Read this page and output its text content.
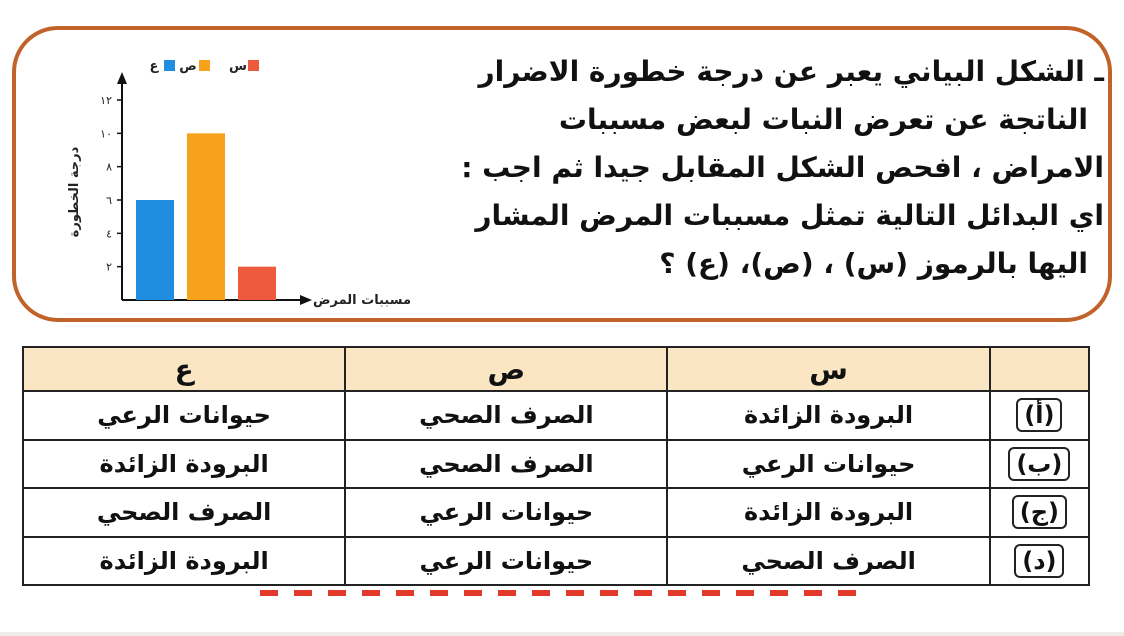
ـ الشكل البياني يعبر عن درجة خطورة الاضرار
الناتجة عن تعرض النبات لبعض مسببات
الامراض ، افحص الشكل المقابل جيدا ثم اجب :
اي البدائل التالية تمثل مسببات المرض المشار
اليها بالرموز (س) ، (ص)، (ع) ؟
٢
٤
٦
٨
١٠
١٢
درجة الخطورة
مسببات المرض
س
ص
ع
	س	ص	ع
(أ)	البرودة الزائدة	الصرف الصحي	حيوانات الرعي
(ب)	حيوانات الرعي	الصرف الصحي	البرودة الزائدة
(ج)	البرودة الزائدة	حيوانات الرعي	الصرف الصحي
(د)	الصرف الصحي	حيوانات الرعي	البرودة الزائدة
